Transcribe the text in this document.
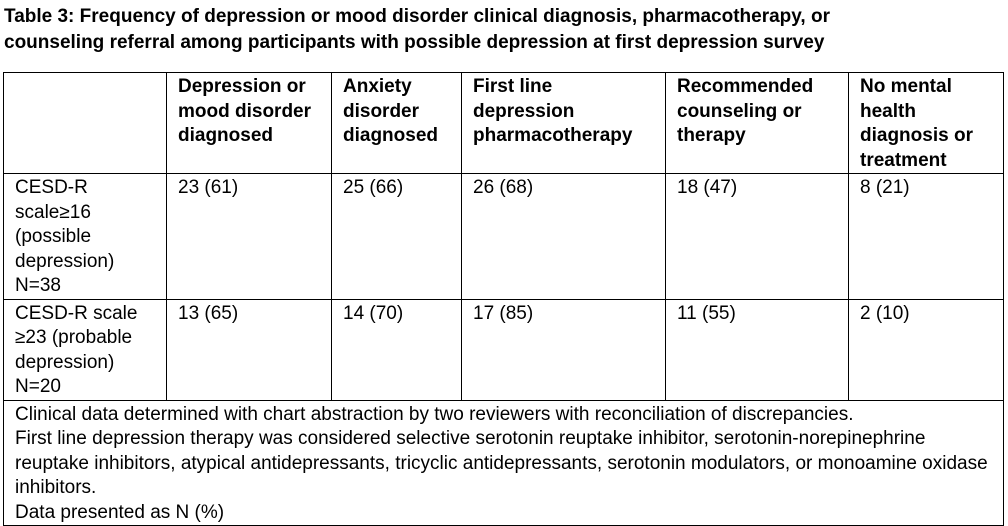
Table 3: Frequency of depression or mood disorder clinical diagnosis, pharmacotherapy, or
counseling referral among participants with possible depression at first depression survey
	Depression or mood disorder diagnosed	Anxiety disorder diagnosed	First line depression pharmacotherapy	Recommended counseling or therapy	No mental health diagnosis or treatment
CESD-R scale≥16 (possible depression) N=38	23 (61)	25 (66)	26 (68)	18 (47)	8 (21)
CESD-R scale ≥23 (probable depression) N=20	13 (65)	14 (70)	17 (85)	11 (55)	2 (10)

Clinical data determined with chart abstraction by two reviewers with reconciliation of discrepancies.
First line depression therapy was considered selective serotonin reuptake inhibitor, serotonin-norepinephrine reuptake inhibitors, atypical antidepressants, tricyclic antidepressants, serotonin modulators, or monoamine oxidase inhibitors.
Data presented as N (%)					
